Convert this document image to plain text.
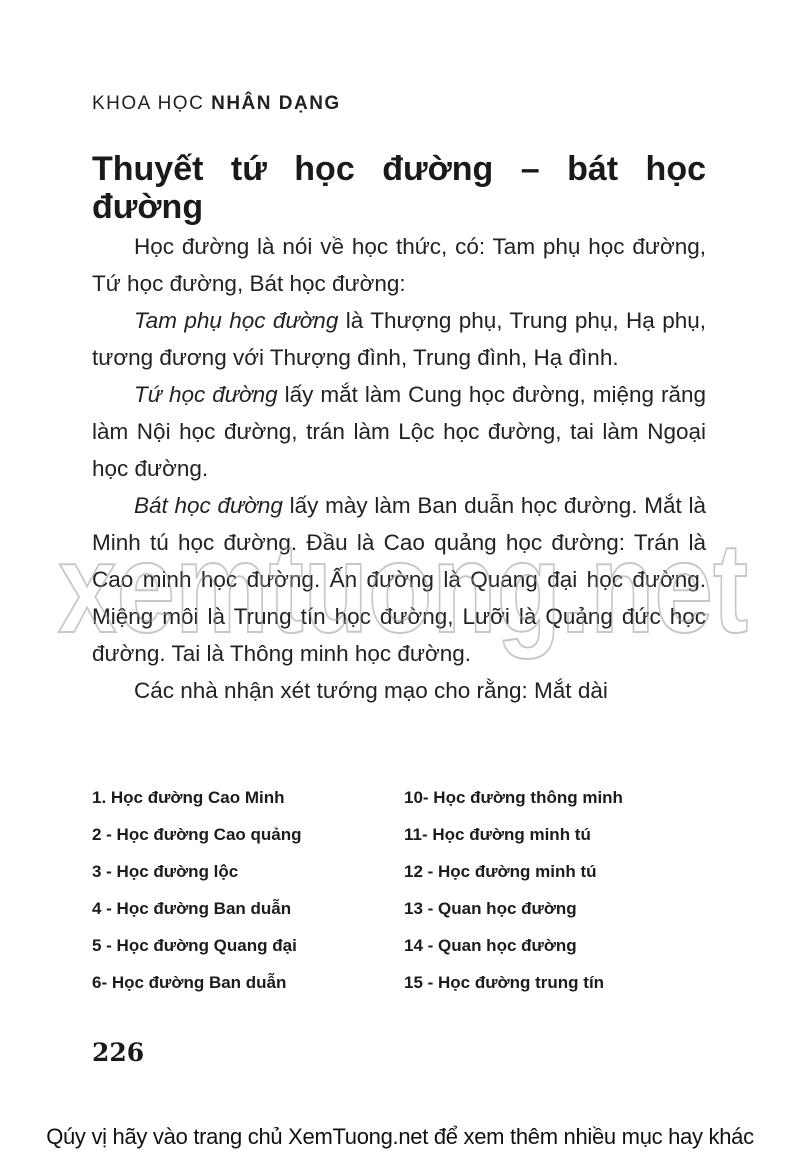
KHOA HỌC NHÂN DẠNG
Thuyết tứ học đường – bát học đường

Học đường là nói về học thức, có: Tam phụ học đường, Tứ học đường, Bát học đường:

Tam phụ học đường là Thượng phụ, Trung phụ, Hạ phụ, tương đương với Thượng đình, Trung đình, Hạ đình.

Tứ học đường lấy mắt làm Cung học đường, miệng răng làm Nội học đường, trán làm Lộc học đường, tai làm Ngoại học đường.

Bát học đường lấy mày làm Ban duẫn học đường. Mắt là Minh tú học đường. Đầu là Cao quảng học đường: Trán là Cao minh học đường. Ấn đường là Quang đại học đường. Miệng môi là Trung tín học đường, Lưỡi là Quảng đức học đường. Tai là Thông minh học đường.

Các nhà nhận xét tướng mạo cho rằng: Mắt dài

1. Học đường Cao Minh	10- Học đường thông minh
2 - Học đường Cao quảng	11- Học đường minh tú
3 - Học đường lộc	12 - Học đường minh tú
4 - Học đường Ban duẫn	13 - Quan học đường
5 - Học đường Quang đại	14 - Quan học đường
6- Học đường Ban duẫn	15 - Học đường trung tín
226
xemtuong.net
Qúy vị hãy vào trang chủ XemTuong.net để xem thêm nhiều mục hay khác
